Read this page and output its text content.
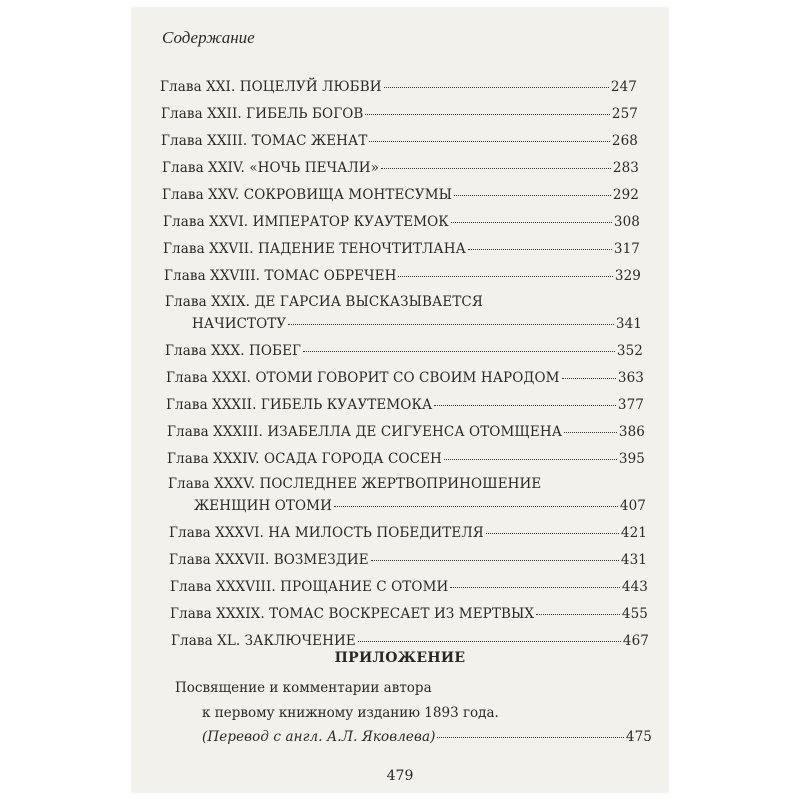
Содержание
Глава XXI. ПОЦЕЛУЙ ЛЮБВИ	247
Глава XXII. ГИБЕЛЬ БОГОВ	257
Глава XXIII. ТОМАС ЖЕНАТ	268
Глава XXIV. «НОЧЬ ПЕЧАЛИ»	283
Глава XXV. СОКРОВИЩА МОНТЕСУМЫ	292
Глава XXVI. ИМПЕРАТОР КУАУТЕМОК	308
Глава XXVII. ПАДЕНИЕ ТЕНОЧТИТЛАНА	317
Глава XXVIII. ТОМАС ОБРЕЧЕН	329
Глава XXIX. ДЕ ГАРСИА ВЫСКАЗЫВАЕТСЯ
НАЧИСТОТУ	341
Глава XXX. ПОБЕГ	352
Глава XXXI. ОТОМИ ГОВОРИТ СО СВОИМ НАРОДОМ	363
Глава XXXII. ГИБЕЛЬ КУАУТЕМОКА	377
Глава XXXIII. ИЗАБЕЛЛА ДЕ СИГУЕНСА ОТОМЩЕНА	386
Глава XXXIV. ОСАДА ГОРОДА СОСЕН	395
Глава XXXV. ПОСЛЕДНЕЕ ЖЕРТВОПРИНОШЕНИЕ
ЖЕНЩИН ОТОМИ	407
Глава XXXVI. НА МИЛОСТЬ ПОБЕДИТЕЛЯ	421
Глава XXXVII. ВОЗМЕЗДИЕ	431
Глава XXXVIII. ПРОЩАНИЕ С ОТОМИ	443
Глава XXXIX. ТОМАС ВОСКРЕСАЕТ ИЗ МЕРТВЫХ	455
Глава XL. ЗАКЛЮЧЕНИЕ	467
ПРИЛОЖЕНИЕ
Посвящение и комментарии автора
к первому книжному изданию 1893 года.
(Перевод с англ. А.Л. Яковлева)	475
479
